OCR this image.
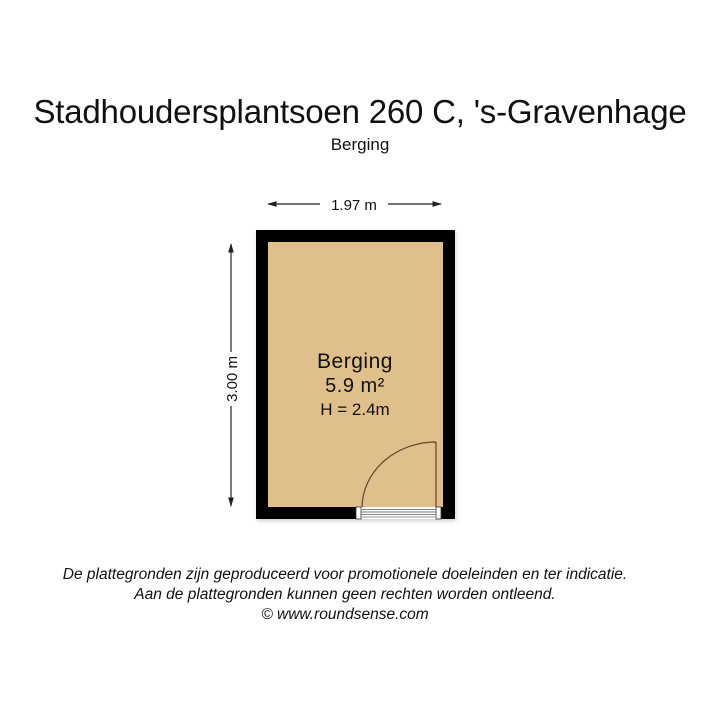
Stadhoudersplantsoen 260 C, 's-Gravenhage
Berging
1.97 m
3.00 m	Berging
5.9 m²
H = 2.4m
De plattegronden zijn geproduceerd voor promotionele doeleinden en ter indicatie.
Aan de plattegronden kunnen geen rechten worden ontleend.
© www.roundsense.com
